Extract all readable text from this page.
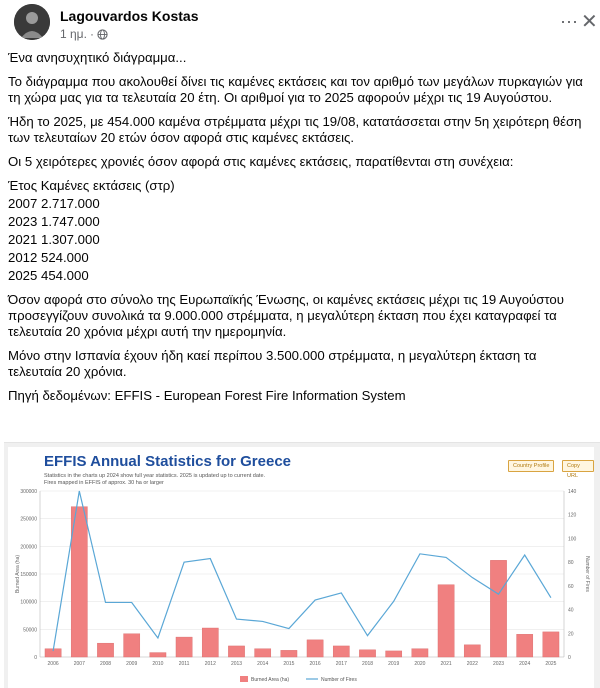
Lagouvardos Kostas
1 ημ. ·
⋯ ✕

Ένα ανησυχητικό διάγραμμα...

Το διάγραμμα που ακολουθεί δίνει τις καμένες εκτάσεις και τον αριθμό των μεγάλων πυρκαγιών για τη χώρα μας για τα τελευταία 20 έτη. Οι αριθμοί για το 2025 αφορούν μέχρι τις 19 Αυγούστου.

Ήδη το 2025, με 454.000 καμένα στρέμματα μέχρι τις 19/08, κατατάσσεται στην 5η χειρότερη θέση των τελευταίων 20 ετών όσον αφορά στις καμένες εκτάσεις.

Οι 5 χειρότερες χρονιές όσον αφορά στις καμένες εκτάσεις, παρατίθενται στη συνέχεια:

Έτος Καμένες εκτάσεις (στρ)
2007 2.717.000
2023 1.747.000
2021 1.307.000
2012 524.000
2025 454.000

Όσον αφορά στο σύνολο της Ευρωπαϊκής Ένωσης, οι καμένες εκτάσεις μέχρι τις 19 Αυγούστου προσεγγίζουν συνολικά τα 9.000.000 στρέμματα, η μεγαλύτερη έκταση που έχει καταγραφεί τα τελευταία 20 χρόνια μέχρι αυτή την ημερομηνία.

Μόνο στην Ισπανία έχουν ήδη καεί περίπου 3.500.000 στρέμματα, η μεγαλύτερη έκταση τα τελευταία 20 χρόνια.

Πηγή δεδομένων: EFFIS - European Forest Fire Information System

EFFIS Annual Statistics for Greece
Statistics in the charts up 2024 show full year statistics. 2025 is updated up to current date.
Fires mapped in EFFIS of approx. 30 ha or larger
Country Profile	Copy URL
0
50000
100000
150000
200000
250000
300000
0
20
40
60
80
100
120
140
2006	2007	2008	2009	2010	2011	2012	2013	2014	2015	2016	2017	2018	2019	2020	2021	2022	2023	2024	2025
Burned Area (ha)	Number of Fires
Burned Area (ha)	Number of Fires
